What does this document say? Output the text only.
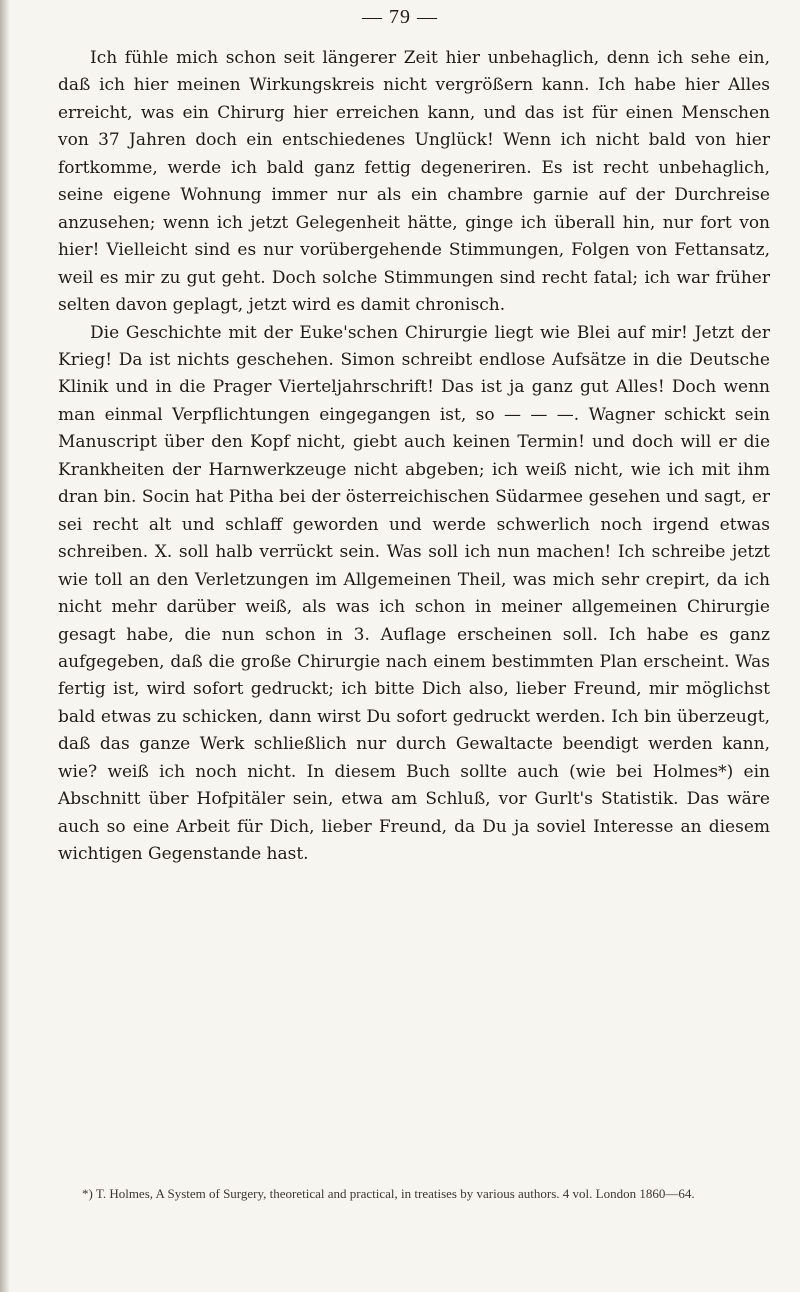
— 79 —

Ich fühle mich schon seit längerer Zeit hier unbehaglich, denn ich sehe ein, daß ich hier meinen Wirkungskreis nicht vergrößern kann. Ich habe hier Alles erreicht, was ein Chirurg hier erreichen kann, und das ist für einen Menschen von 37 Jahren doch ein entschiedenes Unglück! Wenn ich nicht bald von hier fortkomme, werde ich bald ganz fettig degeneriren. Es ist recht unbehaglich, seine eigene Wohnung immer nur als ein chambre garnie auf der Durchreise anzusehen; wenn ich jetzt Gelegenheit hätte, ginge ich überall hin, nur fort von hier! Vielleicht sind es nur vorübergehende Stimmungen, Folgen von Fettansatz, weil es mir zu gut geht. Doch solche Stimmungen sind recht fatal; ich war früher selten davon geplagt, jetzt wird es damit chronisch.

Die Geschichte mit der Euke'schen Chirurgie liegt wie Blei auf mir! Jetzt der Krieg! Da ist nichts geschehen. Simon schreibt endlose Aufsätze in die Deutsche Klinik und in die Prager Vierteljahrschrift! Das ist ja ganz gut Alles! Doch wenn man einmal Verpflichtungen eingegangen ist, so — — —. Wagner schickt sein Manuscript über den Kopf nicht, giebt auch keinen Termin! und doch will er die Krankheiten der Harnwerkzeuge nicht abgeben; ich weiß nicht, wie ich mit ihm dran bin. Socin hat Pitha bei der österreichischen Südarmee gesehen und sagt, er sei recht alt und schlaff geworden und werde schwerlich noch irgend etwas schreiben. X. soll halb verrückt sein. Was soll ich nun machen! Ich schreibe jetzt wie toll an den Verletzungen im Allgemeinen Theil, was mich sehr crepirt, da ich nicht mehr darüber weiß, als was ich schon in meiner allgemeinen Chirurgie gesagt habe, die nun schon in 3. Auflage erscheinen soll. Ich habe es ganz aufgegeben, daß die große Chirurgie nach einem bestimmten Plan erscheint. Was fertig ist, wird sofort gedruckt; ich bitte Dich also, lieber Freund, mir möglichst bald etwas zu schicken, dann wirst Du sofort gedruckt werden. Ich bin überzeugt, daß das ganze Werk schließlich nur durch Gewaltacte beendigt werden kann, wie? weiß ich noch nicht. In diesem Buch sollte auch (wie bei Holmes*) ein Abschnitt über Hofpitäler sein, etwa am Schluß, vor Gurlt's Statistik. Das wäre auch so eine Arbeit für Dich, lieber Freund, da Du ja soviel Interesse an diesem wichtigen Gegenstande hast.

*) T. Holmes, A System of Surgery, theoretical and practical, in treatises by various authors. 4 vol. London 1860—64.
